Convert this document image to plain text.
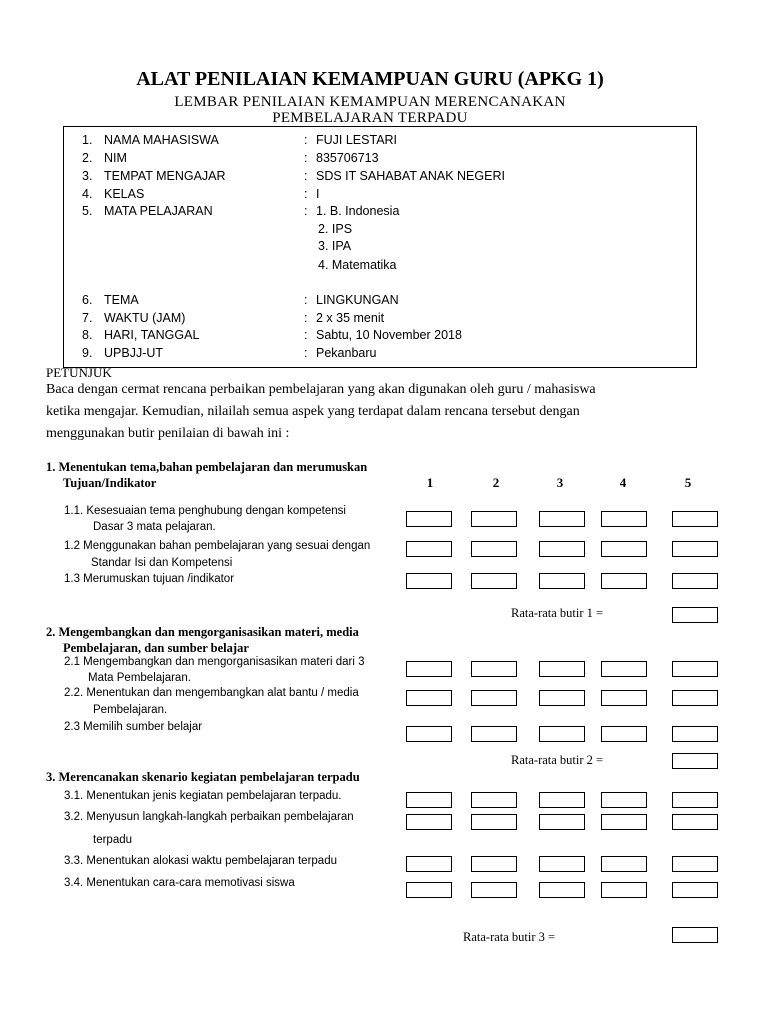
ALAT PENILAIAN KEMAMPUAN GURU (APKG 1)
LEMBAR PENILAIAN KEMAMPUAN MERENCANAKAN
PEMBELAJARAN TERPADU
1. NAMA MAHASISWA	: FUJI LESTARI
2. NIM	: 835706713
3. TEMPAT MENGAJAR	: SDS IT SAHABAT ANAK NEGERI
4. KELAS	: I
5. MATA PELAJARAN	: 1. B. Indonesia
2. IPS
3. IPA
4. Matematika
6. TEMA	: LINGKUNGAN
7. WAKTU (JAM)	: 2 x 35 menit
8. HARI, TANGGAL	: Sabtu, 10 November 2018
9. UPBJJ-UT	: Pekanbaru
PETUNJUK
Baca dengan cermat rencana perbaikan pembelajaran yang akan digunakan oleh guru / mahasiswa
ketika mengajar. Kemudian, nilailah semua aspek yang terdapat dalam rencana tersebut dengan
menggunakan butir penilaian di bawah ini :
1. Menentukan tema,bahan pembelajaran dan merumuskan
Tujuan/Indikator	1	2	3	4	5
1.1. Kesesuaian tema penghubung dengan kompetensi
Dasar 3 mata pelajaran.
1.2 Menggunakan bahan pembelajaran yang sesuai dengan
Standar Isi dan Kompetensi
1.3 Merumuskan tujuan /indikator
Rata-rata butir 1 =
2. Mengembangkan dan mengorganisasikan materi, media
Pembelajaran, dan sumber belajar
2.1 Mengembangkan dan mengorganisasikan materi dari 3
Mata Pembelajaran.
2.2. Menentukan dan mengembangkan alat bantu / media
Pembelajaran.
2.3 Memilih sumber belajar
Rata-rata butir 2 =
3. Merencanakan skenario kegiatan pembelajaran terpadu
3.1. Menentukan jenis kegiatan pembelajaran terpadu.
3.2. Menyusun langkah-langkah perbaikan pembelajaran
terpadu
3.3. Menentukan alokasi waktu pembelajaran terpadu
3.4. Menentukan cara-cara memotivasi siswa
Rata-rata butir 3 =
